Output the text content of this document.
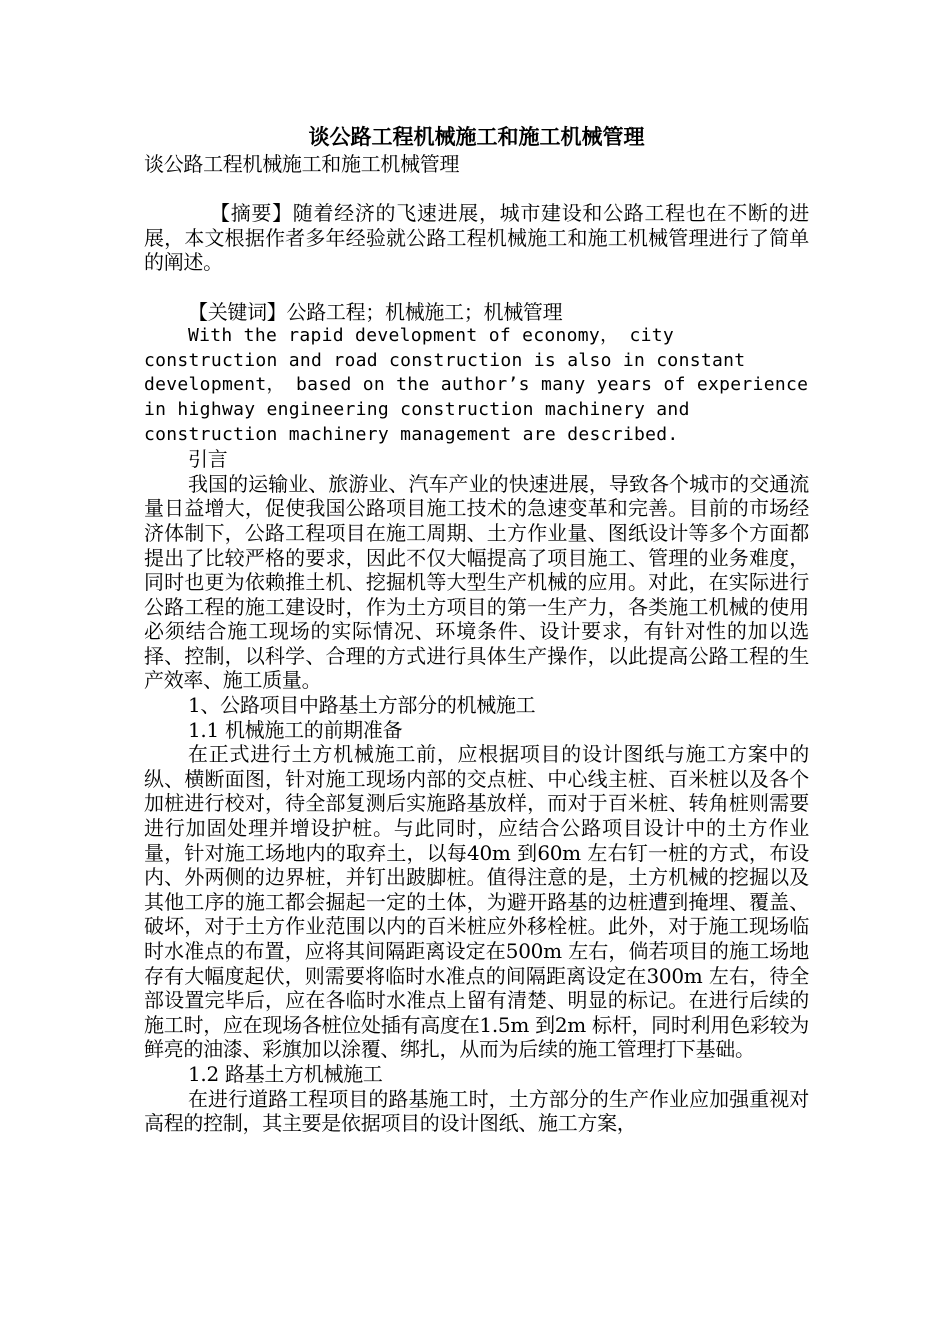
谈公路工程机械施工和施工机械管理

谈公路工程机械施工和施工机械管理

【摘要】随着经济的飞速进展，城市建设和公路工程也在不断的进展，本文根据作者多年经验就公路工程机械施工和施工机械管理进行了简单的阐述。

【关键词】公路工程；机械施工；机械管理

With the rapid development of economy， city construction and road construction is also in constant development， based on the author’s many years of experience in highway engineering construction machinery and construction machinery management are described.

引言

我国的运输业、旅游业、汽车产业的快速进展，导致各个城市的交通流量日益增大，促使我国公路项目施工技术的急速变革和完善。目前的市场经济体制下，公路工程项目在施工周期、土方作业量、图纸设计等多个方面都提出了比较严格的要求，因此不仅大幅提高了项目施工、管理的业务难度，同时也更为依赖推土机、挖掘机等大型生产机械的应用。对此，在实际进行公路工程的施工建设时，作为土方项目的第一生产力，各类施工机械的使用必须结合施工现场的实际情况、环境条件、设计要求，有针对性的加以选择、控制，以科学、合理的方式进行具体生产操作，以此提高公路工程的生产效率、施工质量。

1、公路项目中路基土方部分的机械施工

1.1 机械施工的前期准备

在正式进行土方机械施工前，应根据项目的设计图纸与施工方案中的纵、横断面图，针对施工现场内部的交点桩、中心线主桩、百米桩以及各个加桩进行校对，待全部复测后实施路基放样，而对于百米桩、转角桩则需要进行加固处理并增设护桩。与此同时，应结合公路项目设计中的土方作业量，针对施工场地内的取弃土，以每40m 到60m 左右钉一桩的方式，布设内、外两侧的边界桩，并钉出跛脚桩。值得注意的是，土方机械的挖掘以及其他工序的施工都会掘起一定的土体，为避开路基的边桩遭到掩埋、覆盖、破坏，对于土方作业范围以内的百米桩应外移栓桩。此外，对于施工现场临时水准点的布置，应将其间隔距离设定在500m 左右，倘若项目的施工场地存有大幅度起伏，则需要将临时水准点的间隔距离设定在300m 左右，待全部设置完毕后，应在各临时水准点上留有清楚、明显的标记。在进行后续的施工时，应在现场各桩位处插有高度在1.5m 到2m 标杆，同时利用色彩较为鲜亮的油漆、彩旗加以涂覆、绑扎，从而为后续的施工管理打下基础。

1.2 路基土方机械施工

在进行道路工程项目的路基施工时，土方部分的生产作业应加强重视对高程的控制，其主要是依据项目的设计图纸、施工方案，
